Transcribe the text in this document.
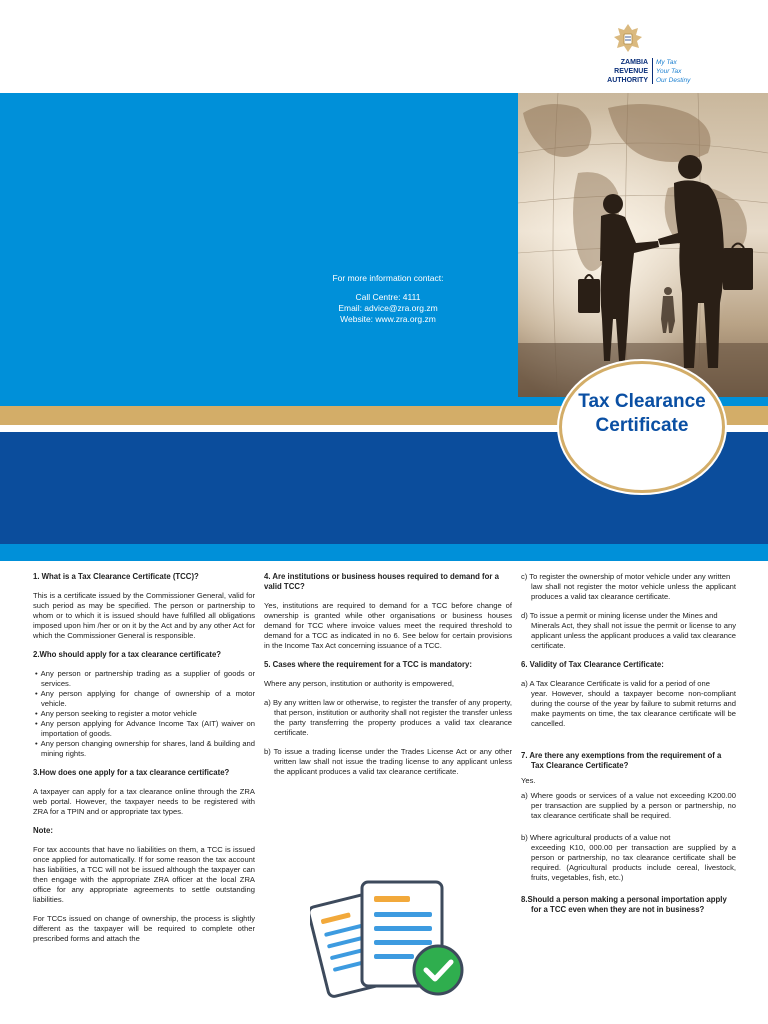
ZAMBIA
REVENUE
AUTHORITY
My Tax
Your Tax
Our Destiny
For more information contact:
Call Centre: 4111
Email: advice@zra.org.zm
Website: www.zra.org.zm
Tax Clearance
Certificate
1. What is a Tax Clearance Certificate (TCC)?

This is a certificate issued by the Commissioner General, valid for such period as may be specified. The person or partnership to whom or to which it is issued should have fulfilled all obligations imposed upon him /her or on it by the Act and by any other Act for which the Commissioner General is responsible.

2.Who should apply for a tax clearance certificate?
• Any person or partnership trading as a supplier of goods or services.
• Any person applying for change of ownership of a motor vehicle.
• Any person seeking to register a motor vehicle
• Any person applying for Advance Income Tax (AIT) waiver on importation of goods.
• Any person changing ownership for shares, land & building and mining rights.
3.How does one apply for a tax clearance certificate?

A taxpayer can apply for a tax clearance online through the ZRA web portal. However, the taxpayer needs to be registered with ZRA for a TPIN and or appropriate tax types.

Note:

For tax accounts that have no liabilities on them, a TCC is issued once applied for automatically. If for some reason the tax account has liabilities, a TCC will not be issued although the taxpayer can then engage with the appropriate ZRA officer at the local ZRA office for any appropriate agreements to settle outstanding liabilities.

For TCCs issued on change of ownership, the process is slightly different as the taxpayer will be required to complete other prescribed forms and attach the

4. Are institutions or business houses required to demand for a valid TCC?

Yes, institutions are required to demand for a TCC before change of ownership is granted while other organisations or business houses demand for TCC where invoice values meet the required threshold to demand for a TCC as indicated in no 6. See below for certain provisions in the Income Tax Act concerning issuance of a TCC.

5. Cases where the requirement for a TCC is mandatory:

Where any person, institution or authority is empowered,

a) By any written law or otherwise, to register the transfer of any property, that person, institution or authority shall not register the transfer unless the party transferring the property produces a valid tax clearance certificate.

b) To issue a trading license under the Trades License Act or any other written law shall not issue the trading license to any applicant unless the applicant produces a valid tax clearance certificate.

c) To register the ownership of motor vehicle under any written

law shall not register the motor vehicle unless the applicant produces a valid tax clearance certificate.

d) To issue a permit or mining license under the Mines and

Minerals Act, they shall not issue the permit or license to any applicant unless the applicant produces a valid tax clearance certificate.

6. Validity of Tax Clearance Certificate:

a) A Tax Clearance Certificate is valid for a period of one

year. However, should a taxpayer become non-compliant during the course of the year by failure to submit returns and make payments on time, the tax clearance certificate will be cancelled.

7. Are there any exemptions from the requirement of a Tax Clearance Certificate?

Yes.

a) Where goods or services of a value not exceeding K200.00 per transaction are supplied by a person or partnership, no tax clearance certificate shall be required.

b) Where agricultural products of a value not

exceeding K10, 000.00 per transaction are supplied by a person or partnership, no tax clearance certificate shall be required. (Agricultural products include cereal, livestock, fruits, vegetables, fish, etc.)

8.Should a person making a personal importation apply for a TCC even when they are not in business?
